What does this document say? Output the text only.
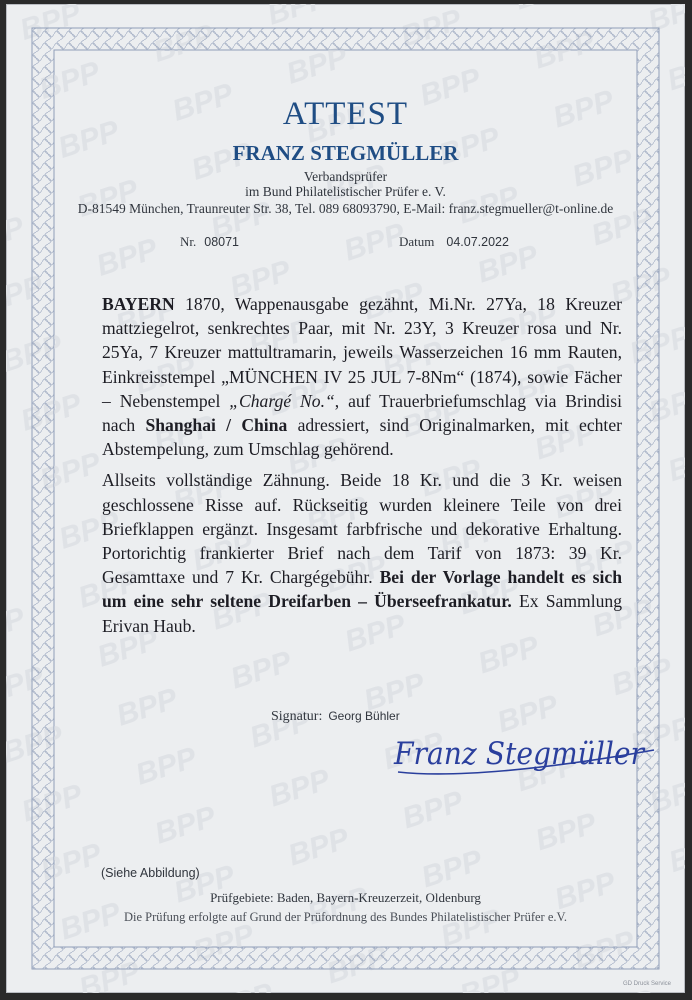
ATTEST
FRANZ STEGMÜLLER
Verbandsprüfer
im Bund Philatelistischer Prüfer e. V.
D-81549 München, Traunreuter Str. 38, Tel. 089 68093790, E-Mail: franz.stegmueller@t-online.de
Nr. 08071	Datum 04.07.2022

BAYERN 1870, Wappenausgabe gezähnt, Mi.Nr. 27Ya, 18 Kreuzer mattziegelrot, senkrechtes Paar, mit Nr. 23Y, 3 Kreuzer rosa und Nr. 25Ya, 7 Kreuzer mattultramarin, jeweils Wasserzeichen 16 mm Rauten, Einkreisstempel „MÜNCHEN IV 25 JUL 7-8Nm“ (1874), sowie Fächer – Nebenstempel „Chargé No.“, auf Trauerbriefumschlag via Brindisi nach Shanghai / China adressiert, sind Originalmarken, mit echter Abstempelung, zum Umschlag gehörend.

Allseits vollständige Zähnung. Beide 18 Kr. und die 3 Kr. weisen geschlossene Risse auf. Rückseitig wurden kleinere Teile von drei Briefklappen ergänzt. Insgesamt farbfrische und dekorative Erhaltung. Portorichtig frankierter Brief nach dem Tarif von 1873: 39 Kr. Gesamttaxe und 7 Kr. Chargégebühr. Bei der Vorlage handelt es sich um eine sehr seltene Dreifarben – Überseefrankatur. Ex Sammlung Erivan Haub.

Signatur: Georg Bühler
Franz Stegmüller
(Siehe Abbildung)
Prüfgebiete: Baden, Bayern-Kreuzerzeit, Oldenburg
Die Prüfung erfolgte auf Grund der Prüfordnung des Bundes Philatelistischer Prüfer e.V.
GD Druck Service
